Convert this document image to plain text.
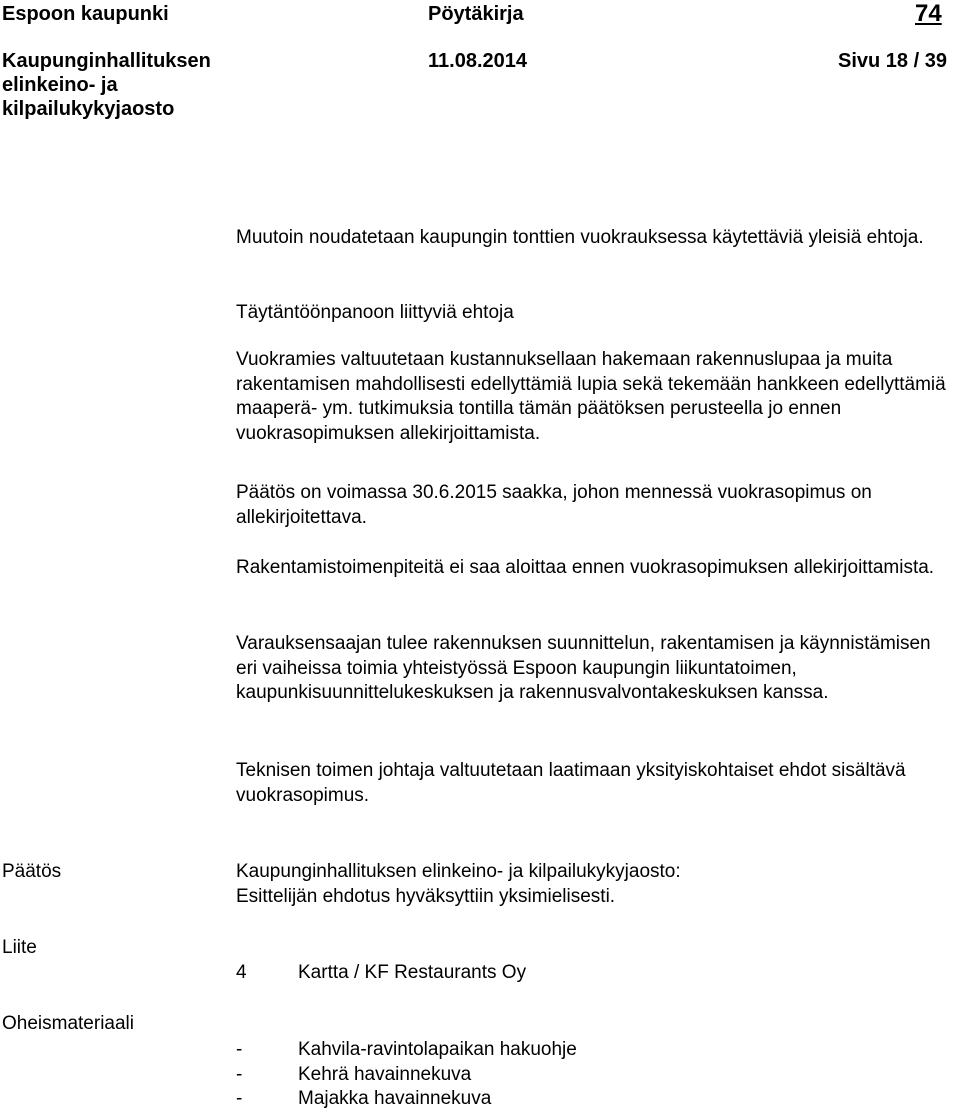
Espoon kaupunki	Pöytäkirja	74
Kaupunginhallituksen
elinkeino- ja
kilpailukykyjaosto
11.08.2014	Sivu 18 / 39

Muutoin noudatetaan kaupungin tonttien vuokrauksessa käytettäviä yleisiä ehtoja.

Täytäntöönpanoon liittyviä ehtoja

Vuokramies valtuutetaan kustannuksellaan hakemaan rakennuslupaa ja muita rakentamisen mahdollisesti edellyttämiä lupia sekä tekemään hankkeen edellyttämiä maaperä- ym. tutkimuksia tontilla tämän päätöksen perusteella jo ennen vuokrasopimuksen allekirjoittamista.

Päätös on voimassa 30.6.2015 saakka, johon mennessä vuokrasopimus on allekirjoitettava.

Rakentamistoimenpiteitä ei saa aloittaa ennen vuokrasopimuksen allekirjoittamista.

Varauksensaajan tulee rakennuksen suunnittelun, rakentamisen ja käynnistämisen eri vaiheissa toimia yhteistyössä Espoon kaupungin liikuntatoimen, kaupunkisuunnittelukeskuksen ja rakennusvalvontakeskuksen kanssa.

Teknisen toimen johtaja valtuutetaan laatimaan yksityiskohtaiset ehdot sisältävä vuokrasopimus.

Päätös	Kaupunginhallituksen elinkeino- ja kilpailukykyjaosto:

Esittelijän ehdotus hyväksyttiin yksimielisesti.

Liite
4	Kartta / KF Restaurants Oy
Oheismateriaali
-	Kahvila-ravintolapaikan hakuohje
-	Kehrä havainnekuva
-	Majakka havainnekuva
